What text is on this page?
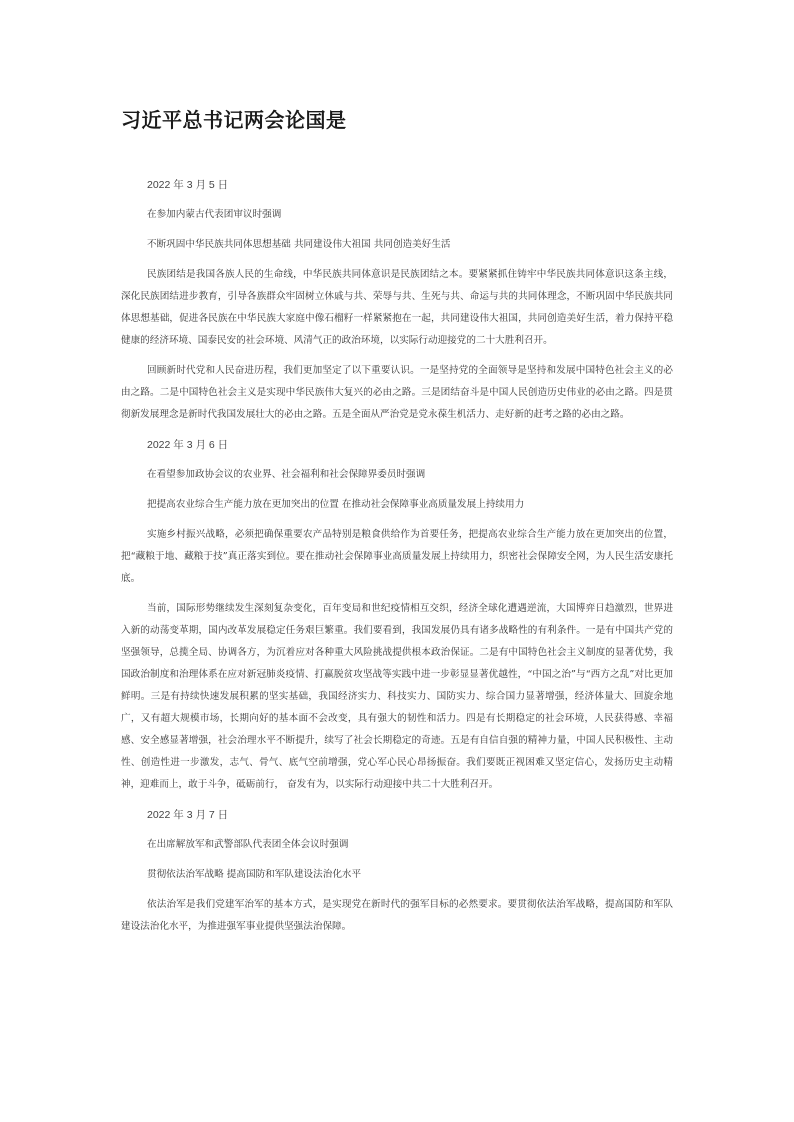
习近平总书记两会论国是
2022 年 3 月 5 日
在参加内蒙古代表团审议时强调
不断巩固中华民族共同体思想基础 共同建设伟大祖国 共同创造美好生活
民族团结是我国各族人民的生命线，中华民族共同体意识是民族团结之本。要紧紧抓住铸牢中华民族共同体意识这条主线，深化民族团结进步教育，引导各族群众牢固树立休戚与共、荣辱与共、生死与共、命运与共的共同体理念，不断巩固中华民族共同体思想基础，促进各民族在中华民族大家庭中像石榴籽一样紧紧抱在一起，共同建设伟大祖国，共同创造美好生活，着力保持平稳健康的经济环境、国泰民安的社会环境、风清气正的政治环境，以实际行动迎接党的二十大胜利召开。
回顾新时代党和人民奋进历程，我们更加坚定了以下重要认识。一是坚持党的全面领导是坚持和发展中国特色社会主义的必由之路。二是中国特色社会主义是实现中华民族伟大复兴的必由之路。三是团结奋斗是中国人民创造历史伟业的必由之路。四是贯彻新发展理念是新时代我国发展壮大的必由之路。五是全面从严治党是党永葆生机活力、走好新的赶考之路的必由之路。
2022 年 3 月 6 日
在看望参加政协会议的农业界、社会福利和社会保障界委员时强调
把提高农业综合生产能力放在更加突出的位置 在推动社会保障事业高质量发展上持续用力
实施乡村振兴战略，必须把确保重要农产品特别是粮食供给作为首要任务，把提高农业综合生产能力放在更加突出的位置，把“藏粮于地、藏粮于技”真正落实到位。要在推动社会保障事业高质量发展上持续用力，织密社会保障安全网，为人民生活安康托底。
当前，国际形势继续发生深刻复杂变化，百年变局和世纪疫情相互交织，经济全球化遭遇逆流，大国博弈日趋激烈，世界进入新的动荡变革期，国内改革发展稳定任务艰巨繁重。我们要看到，我国发展仍具有诸多战略性的有利条件。一是有中国共产党的坚强领导，总揽全局、协调各方，为沉着应对各种重大风险挑战提供根本政治保证。二是有中国特色社会主义制度的显著优势，我国政治制度和治理体系在应对新冠肺炎疫情、打赢脱贫攻坚战等实践中进一步彰显显著优越性，“中国之治”与“西方之乱”对比更加鲜明。三是有持续快速发展积累的坚实基础，我国经济实力、科技实力、国防实力、综合国力显著增强，经济体量大、回旋余地广，又有超大规模市场，长期向好的基本面不会改变，具有强大的韧性和活力。四是有长期稳定的社会环境，人民获得感、幸福感、安全感显著增强，社会治理水平不断提升，续写了社会长期稳定的奇迹。五是有自信自强的精神力量，中国人民积极性、主动性、创造性进一步激发，志气、骨气、底气空前增强，党心军心民心昂扬振奋。我们要既正视困难又坚定信心，发扬历史主动精神，迎难而上，敢于斗争，砥砺前行， 奋发有为，以实际行动迎接中共二十大胜利召开。
2022 年 3 月 7 日
在出席解放军和武警部队代表团全体会议时强调
贯彻依法治军战略 提高国防和军队建设法治化水平
依法治军是我们党建军治军的基本方式，是实现党在新时代的强军目标的必然要求。要贯彻依法治军战略，提高国防和军队建设法治化水平，为推进强军事业提供坚强法治保障。
